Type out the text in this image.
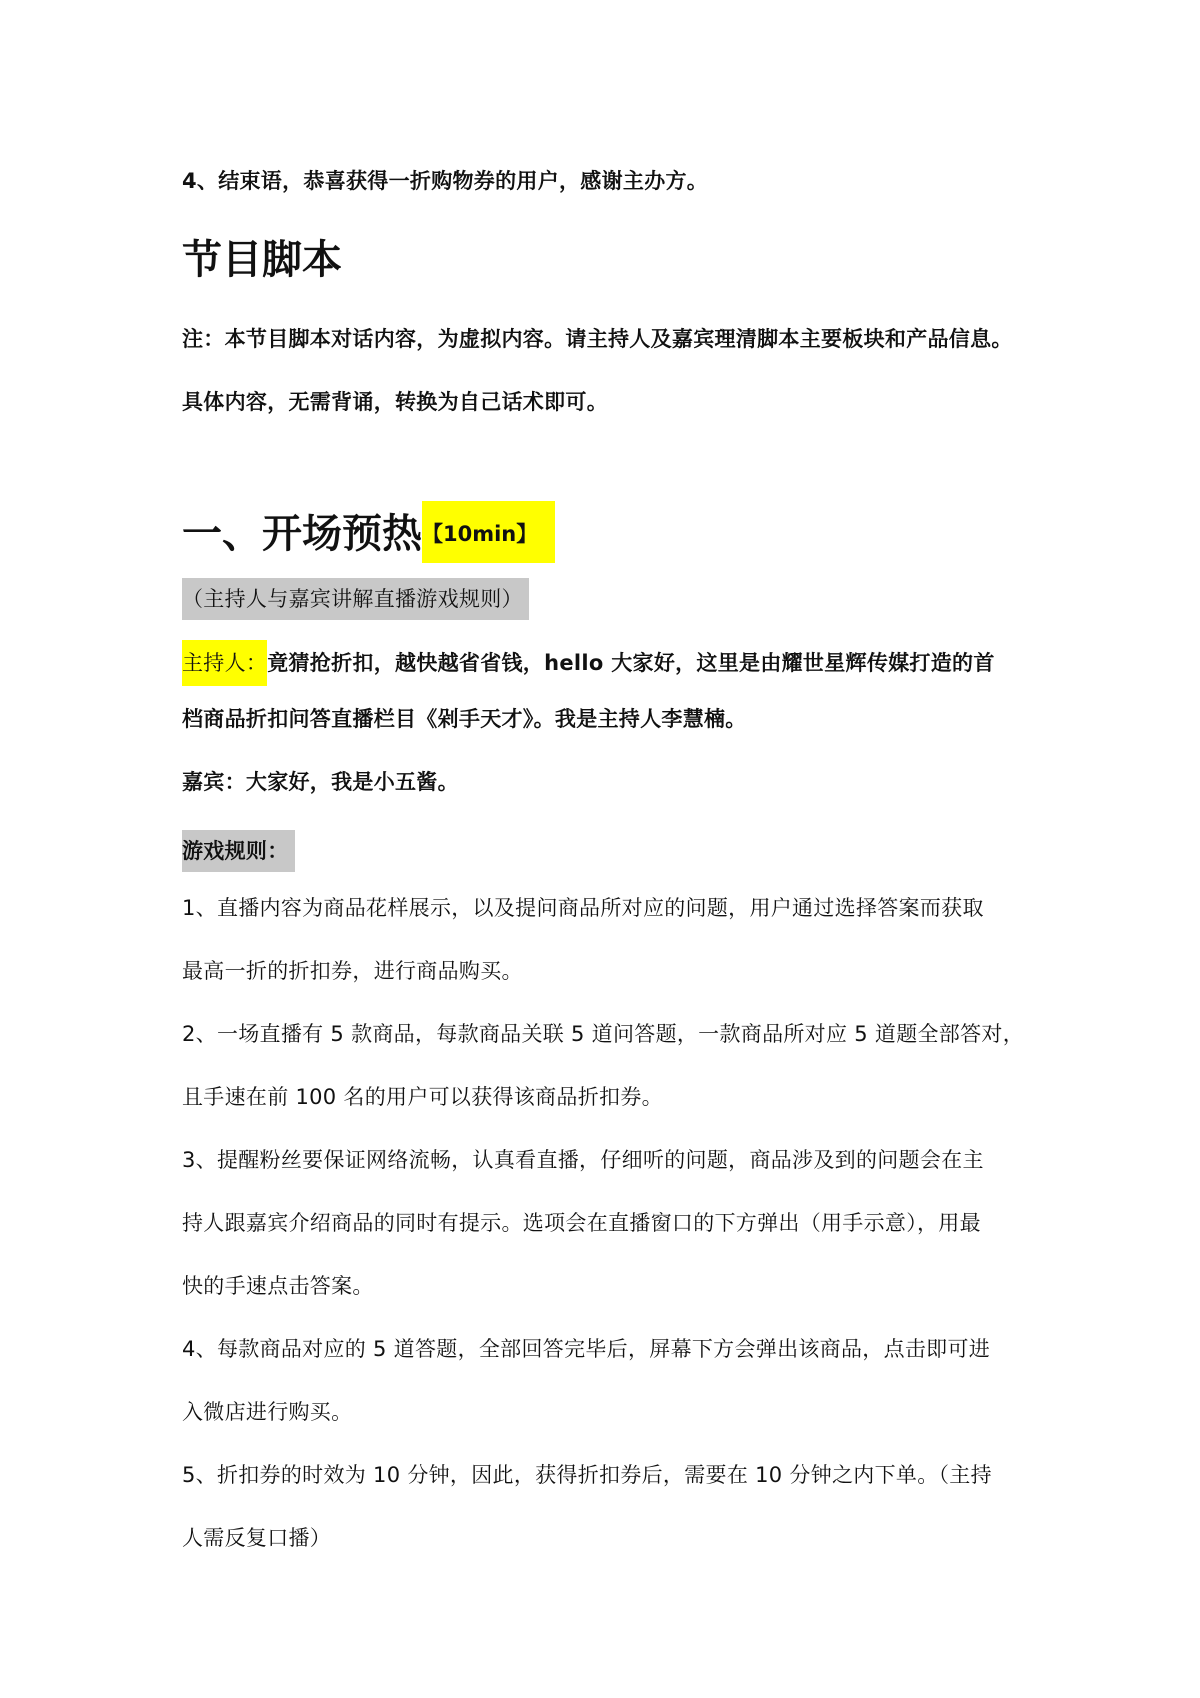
4、结束语，恭喜获得一折购物券的用户，感谢主办方。
节目脚本
注：本节目脚本对话内容，为虚拟内容。请主持人及嘉宾理清脚本主要板块和产品信息。
具体内容，无需背诵，转换为自己话术即可。
一、开场预热【10min】
（主持人与嘉宾讲解直播游戏规则）
主持人：竟猜抢折扣，越快越省省钱，hello 大家好，这里是由耀世星辉传媒打造的首
档商品折扣问答直播栏目《剁手天才》。我是主持人李慧楠。
嘉宾：大家好，我是小五酱。
游戏规则：
1、直播内容为商品花样展示，以及提问商品所对应的问题，用户通过选择答案而获取
最高一折的折扣券，进行商品购买。
2、一场直播有 5 款商品，每款商品关联 5 道问答题，一款商品所对应 5 道题全部答对，
且手速在前 100 名的用户可以获得该商品折扣券。
3、提醒粉丝要保证网络流畅，认真看直播，仔细听的问题，商品涉及到的问题会在主
持人跟嘉宾介绍商品的同时有提示。选项会在直播窗口的下方弹出（用手示意），用最
快的手速点击答案。
4、每款商品对应的 5 道答题，全部回答完毕后，屏幕下方会弹出该商品，点击即可进
入微店进行购买。
5、折扣券的时效为 10 分钟，因此，获得折扣券后，需要在 10 分钟之内下单。（主持
人需反复口播）
